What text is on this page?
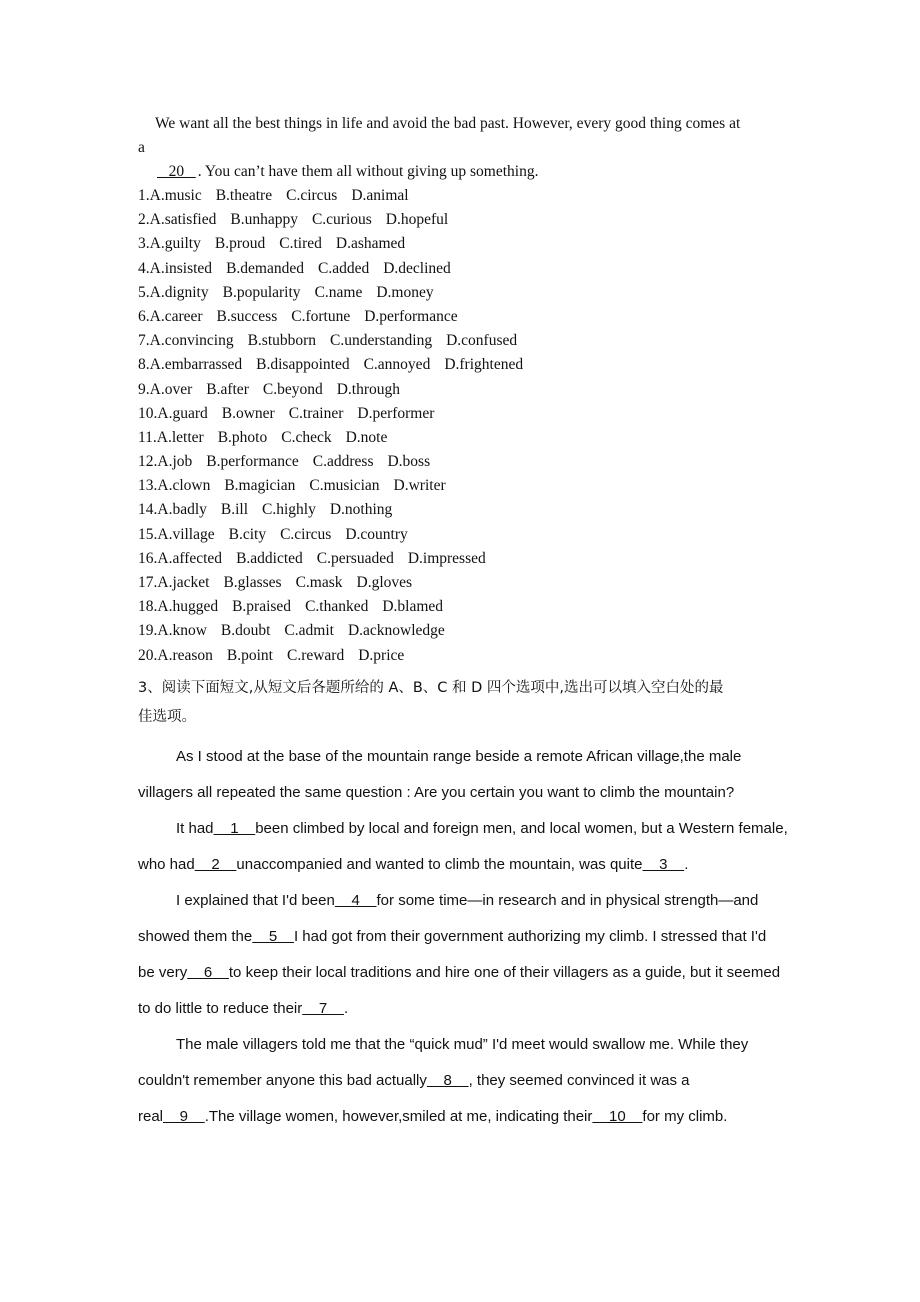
We want all the best things in life and avoid the bad past. However, every good thing comes at
a
20   . You can’t have them all without giving up something.
1.A.music B.theatre C.circus D.animal
2.A.satisfied B.unhappy C.curious D.hopeful
3.A.guilty B.proud C.tired D.ashamed
4.A.insisted B.demanded C.added D.declined
5.A.dignity B.popularity C.name D.money
6.A.career B.success C.fortune D.performance
7.A.convincing B.stubborn C.understanding D.confused
8.A.embarrassed B.disappointed C.annoyed D.frightened
9.A.over B.after C.beyond D.through
10.A.guard B.owner C.trainer D.performer
11.A.letter B.photo C.check D.note
12.A.job B.performance C.address D.boss
13.A.clown B.magician C.musician D.writer
14.A.badly B.ill C.highly D.nothing
15.A.village B.city C.circus D.country
16.A.affected B.addicted C.persuaded D.impressed
17.A.jacket B.glasses C.mask D.gloves
18.A.hugged B.praised C.thanked D.blamed
19.A.know B.doubt C.admit D.acknowledge
20.A.reason B.point C.reward D.price
3、阅读下面短文,从短文后各题所给的 A、B、C 和 D 四个选项中,选出可以填入空白处的最
佳选项。
As I stood at the base of the mountain range beside a remote African village,the male
villagers all repeated the same question : Are you certain you want to climb the mountain?
It had    1    been climbed by local and foreign men, and local women, but a Western female,
who had    2    unaccompanied and wanted to climb the mountain, was quite    3    .
I explained that I'd been    4    for some time—in research and in physical strength—and
showed them the    5    I had got from their government authorizing my climb. I stressed that I'd
be very    6    to keep their local traditions and hire one of their villagers as a guide, but it seemed
to do little to reduce their    7    .
The male villagers told me that the “quick mud” I'd meet would swallow me. While they
couldn't remember anyone this bad actually    8    , they seemed convinced it was a
real    9    .The village women, however,smiled at me, indicating their    10    for my climb.
